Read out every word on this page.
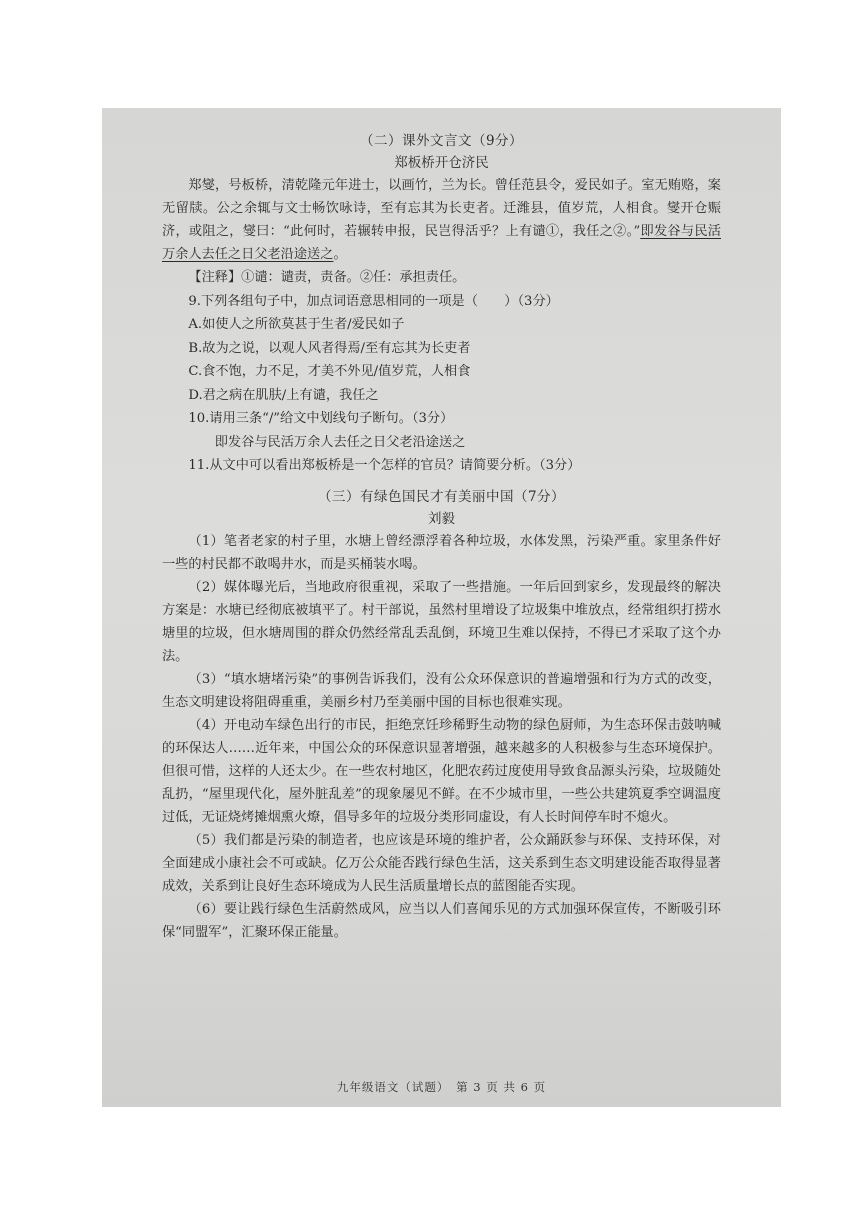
（二）课外文言文（9分）
郑板桥开仓济民

郑燮，号板桥，清乾隆元年进士，以画竹，兰为长。曾任范县令，爱民如子。室无贿赂，案无留牍。公之余辄与文士畅饮咏诗，至有忘其为长吏者。迁潍县，值岁荒，人相食。燮开仓赈济，或阻之，燮曰：“此何时，若辗转申报，民岂得活乎？上有谴①，我任之②。”即发谷与民活万余人去任之日父老沿途送之。

【注释】①谴：谴责，责备。②任：承担责任。
9.下列各组句子中，加点词语意思相同的一项是（　　）（3分）
A.如使人之所欲莫甚于生者/爱民如子
B.故为之说，以观人风者得焉/至有忘其为长吏者
C.食不饱，力不足，才美不外见/值岁荒，人相食
D.君之病在肌肤/上有谴，我任之
10.请用三条“/”给文中划线句子断句。（3分）
即发谷与民活万余人去任之日父老沿途送之
11.从文中可以看出郑板桥是一个怎样的官员？请简要分析。（3分）
（三）有绿色国民才有美丽中国（7分）
刘毅

（1）笔者老家的村子里，水塘上曾经漂浮着各种垃圾，水体发黑，污染严重。家里条件好一些的村民都不敢喝井水，而是买桶装水喝。

（2）媒体曝光后，当地政府很重视，采取了一些措施。一年后回到家乡，发现最终的解决方案是：水塘已经彻底被填平了。村干部说，虽然村里增设了垃圾集中堆放点，经常组织打捞水塘里的垃圾，但水塘周围的群众仍然经常乱丢乱倒，环境卫生难以保持，不得已才采取了这个办法。

（3）“填水塘堵污染”的事例告诉我们，没有公众环保意识的普遍增强和行为方式的改变，生态文明建设将阻碍重重，美丽乡村乃至美丽中国的目标也很难实现。

（4）开电动车绿色出行的市民，拒绝烹饪珍稀野生动物的绿色厨师，为生态环保击鼓呐喊的环保达人……近年来，中国公众的环保意识显著增强，越来越多的人积极参与生态环境保护。但很可惜，这样的人还太少。在一些农村地区，化肥农药过度使用导致食品源头污染，垃圾随处乱扔，“屋里现代化，屋外脏乱差”的现象屡见不鲜。在不少城市里，一些公共建筑夏季空调温度过低，无证烧烤摊烟熏火燎，倡导多年的垃圾分类形同虚设，有人长时间停车时不熄火。

（5）我们都是污染的制造者，也应该是环境的维护者，公众踊跃参与环保、支持环保，对全面建成小康社会不可或缺。亿万公众能否践行绿色生活，这关系到生态文明建设能否取得显著成效，关系到让良好生态环境成为人民生活质量增长点的蓝图能否实现。

（6）要让践行绿色生活蔚然成风，应当以人们喜闻乐见的方式加强环保宣传，不断吸引环保“同盟军”，汇聚环保正能量。

九年级语文（试题）　第 3 页 共 6 页
